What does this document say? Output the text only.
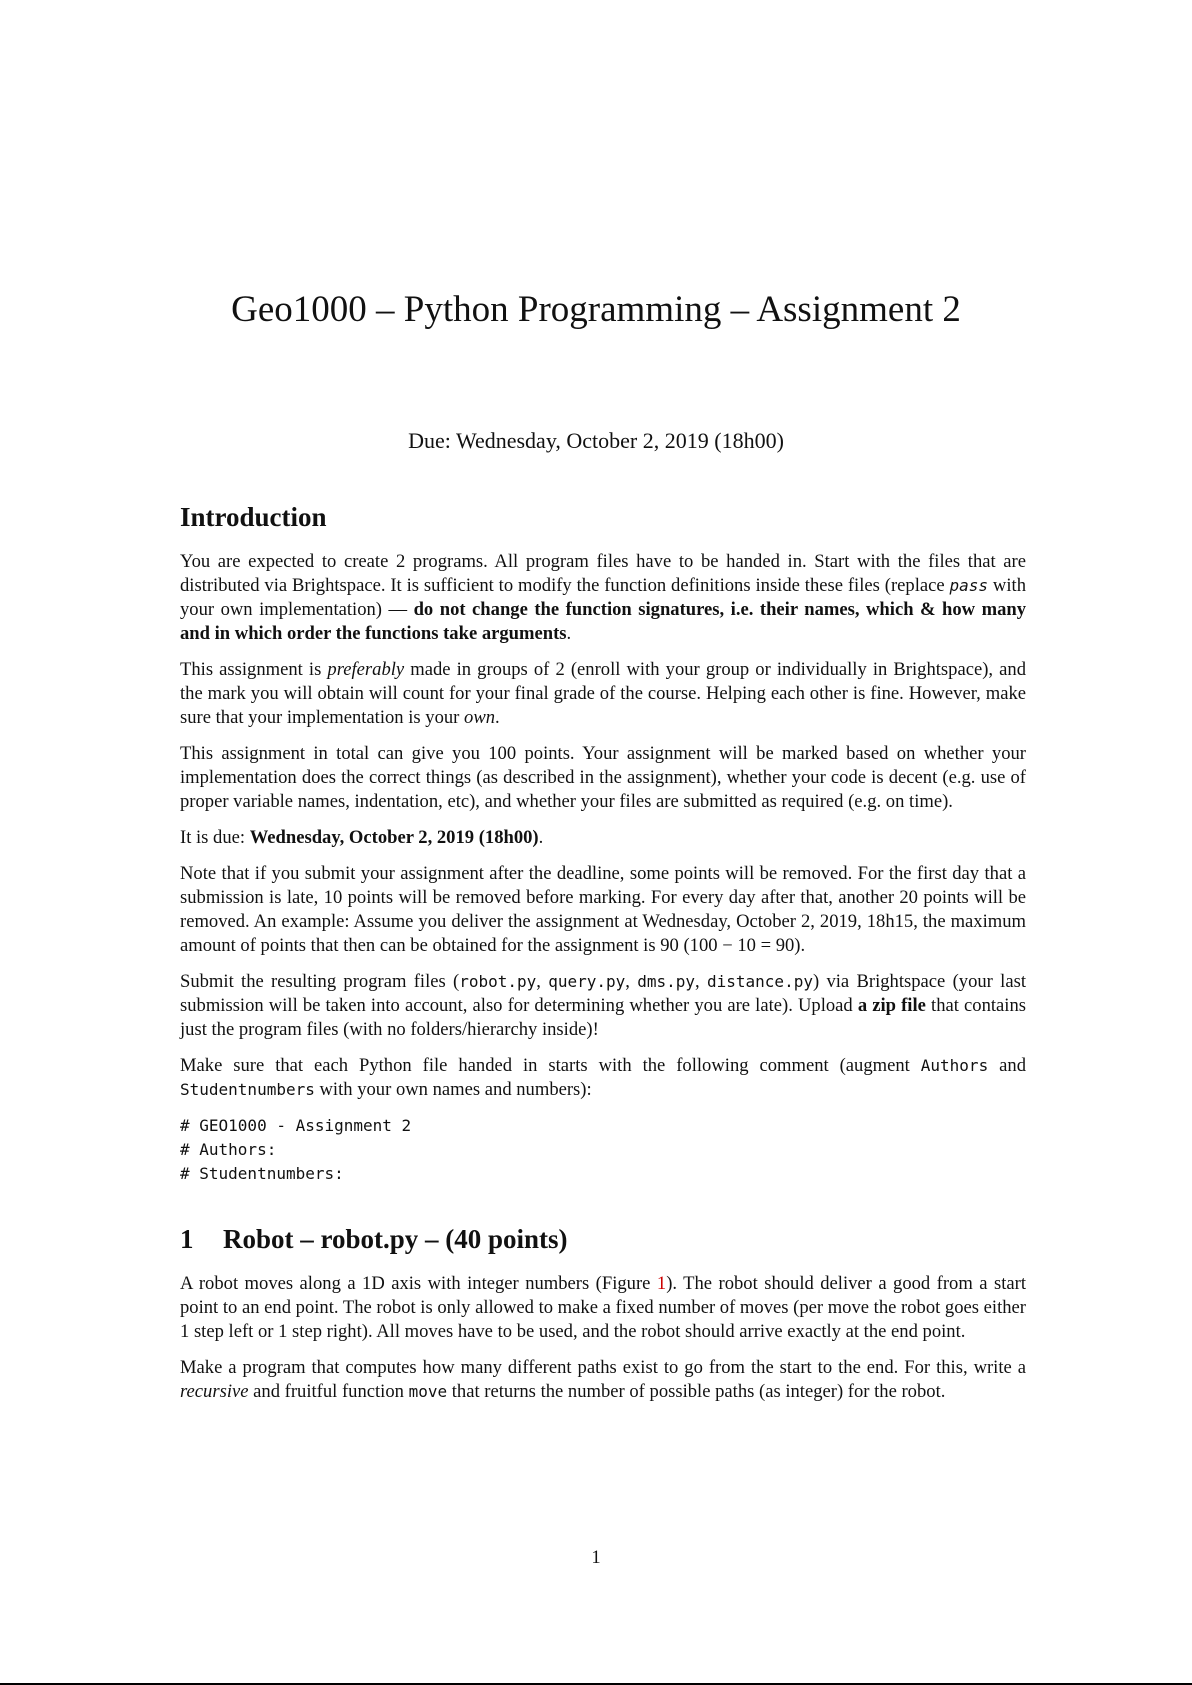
Geo1000 – Python Programming – Assignment 2
Due: Wednesday, October 2, 2019 (18h00)
Introduction

You are expected to create 2 programs. All program files have to be handed in. Start with the files that are distributed via Brightspace. It is sufficient to modify the function definitions inside these files (replace pass with your own implementation) — do not change the function signatures, i.e. their names, which & how many and in which order the functions take arguments.

This assignment is preferably made in groups of 2 (enroll with your group or individually in Brightspace), and the mark you will obtain will count for your final grade of the course. Helping each other is fine. However, make sure that your implementation is your own.

This assignment in total can give you 100 points. Your assignment will be marked based on whether your implementation does the correct things (as described in the assignment), whether your code is decent (e.g. use of proper variable names, indentation, etc), and whether your files are submitted as required (e.g. on time).

It is due: Wednesday, October 2, 2019 (18h00).

Note that if you submit your assignment after the deadline, some points will be removed. For the first day that a submission is late, 10 points will be removed before marking. For every day after that, another 20 points will be removed. An example: Assume you deliver the assignment at Wednesday, October 2, 2019, 18h15, the maximum amount of points that then can be obtained for the assignment is 90 (100 − 10 = 90).

Submit the resulting program files (robot.py, query.py, dms.py, distance.py) via Brightspace (your last submission will be taken into account, also for determining whether you are late). Upload a zip file that contains just the program files (with no folders/hierarchy inside)!

Make sure that each Python file handed in starts with the following comment (augment Authors and Studentnumbers with your own names and numbers):

# GEO1000 - Assignment 2
# Authors:
# Studentnumbers:
1 Robot – robot.py – (40 points)

A robot moves along a 1D axis with integer numbers (Figure 1). The robot should deliver a good from a start point to an end point. The robot is only allowed to make a fixed number of moves (per move the robot goes either 1 step left or 1 step right). All moves have to be used, and the robot should arrive exactly at the end point.

Make a program that computes how many different paths exist to go from the start to the end. For this, write a recursive and fruitful function move that returns the number of possible paths (as integer) for the robot.

1
